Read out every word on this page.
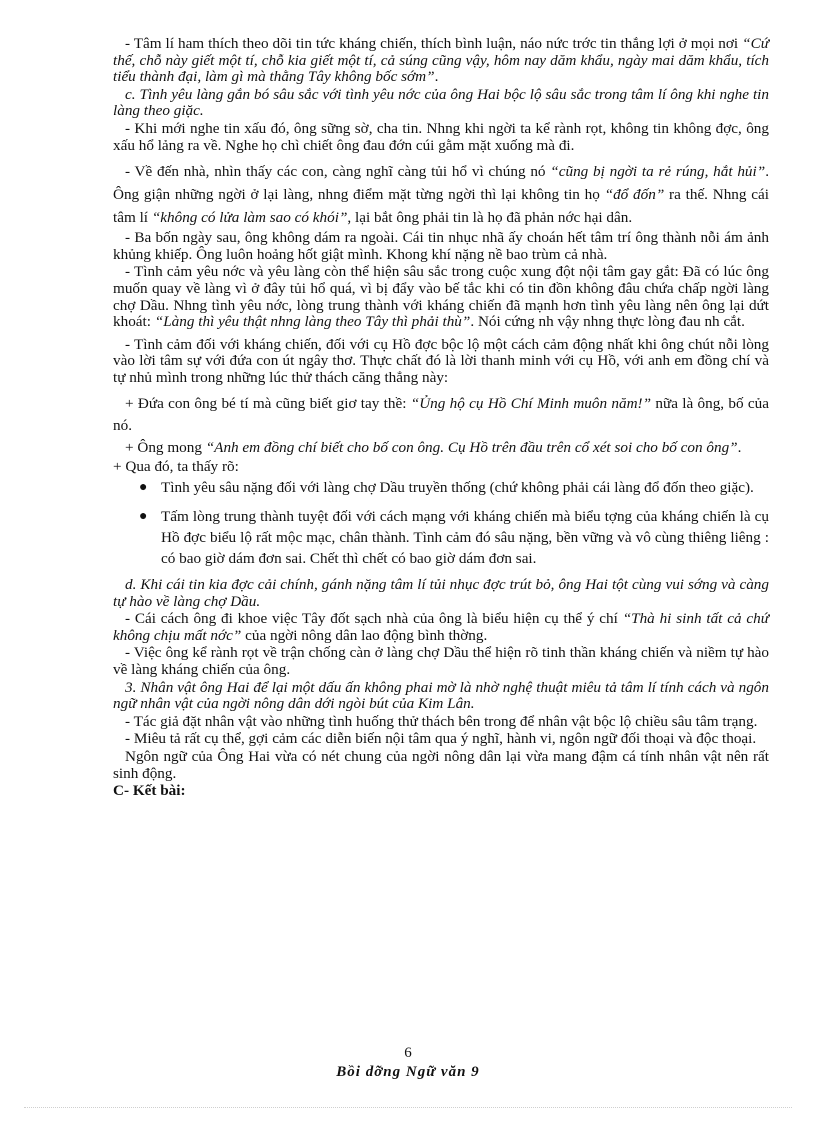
- Tâm lí ham thích theo dõi tin tức kháng chiến, thích bình luận, náo nức trớc tin thắng lợi ở mọi nơi “Cứ thế, chỗ này giết một tí, chỗ kia giết một tí, cả súng cũng vậy, hôm nay dăm khẩu, ngày mai dăm khẩu, tích tiểu thành đại, làm gì mà thằng Tây không bốc sớm”.

c. Tình yêu làng gắn bó sâu sắc với tình yêu nớc của ông Hai bộc lộ sâu sắc trong tâm lí ông khi nghe tin làng theo giặc.

- Khi mới nghe tin xấu đó, ông sững sờ, cha tin. Nhng khi ngời ta kể rành rọt, không tin không đợc, ông xấu hổ lảng ra về. Nghe họ chì chiết ông đau đớn cúi gằm mặt xuống mà đi.

- Về đến nhà, nhìn thấy các con, càng nghĩ càng tủi hổ vì chúng nó “cũng bị ngời ta rẻ rúng, hắt hủi”. Ông giận những ngời ở lại làng, nhng điểm mặt từng ngời thì lại không tin họ “đổ đốn” ra thế. Nhng cái tâm lí “không có lửa làm sao có khói”, lại bắt ông phải tin là họ đã phản nớc hại dân.

- Ba bốn ngày sau, ông không dám ra ngoài. Cái tin nhục nhã ấy choán hết tâm trí ông thành nỗi ám ảnh khủng khiếp. Ông luôn hoảng hốt giật mình. Khong khí nặng nề bao trùm cả nhà.

- Tình cảm yêu nớc và yêu làng còn thể hiện sâu sắc trong cuộc xung đột nội tâm gay gắt: Đã có lúc ông muốn quay về làng vì ở đây tủi hổ quá, vì bị đẩy vào bế tắc khi có tin đồn không đâu chứa chấp ngời làng chợ Dầu. Nhng tình yêu nớc, lòng trung thành với kháng chiến đã mạnh hơn tình yêu làng nên ông lại dứt khoát: “Làng thì yêu thật nhng làng theo Tây thì phải thù”. Nói cứng nh vậy nhng thực lòng đau nh cắt.

- Tình cảm đối với kháng chiến, đối với cụ Hồ đợc bộc lộ một cách cảm động nhất khi ông chút nỗi lòng vào lời tâm sự với đứa con út ngây thơ. Thực chất đó là lời thanh minh với cụ Hồ, với anh em đồng chí và tự nhủ mình trong những lúc thử thách căng thẳng này:

+ Đứa con ông bé tí mà cũng biết giơ tay thề: “Ủng hộ cụ Hồ Chí Minh muôn năm!” nữa là ông, bố của nó.

+ Ông mong “Anh em đồng chí biết cho bố con ông. Cụ Hồ trên đầu trên cổ xét soi cho bố con ông”.

+ Qua đó, ta thấy rõ:

● Tình yêu sâu nặng đối với làng chợ Dầu truyền thống (chứ không phải cái làng đổ đốn theo giặc).
● Tấm lòng trung thành tuyệt đối với cách mạng với kháng chiến mà biểu tợng của kháng chiến là cụ Hồ đợc biểu lộ rất mộc mạc, chân thành. Tình cảm đó sâu nặng, bền vững và vô cùng thiêng liêng : có bao giờ dám đơn sai. Chết thì chết có bao giờ dám đơn sai.

d. Khi cái tin kia đợc cải chính, gánh nặng tâm lí tủi nhục đợc trút bỏ, ông Hai tột cùng vui sớng và càng tự hào về làng chợ Dầu.

- Cái cách ông đi khoe việc Tây đốt sạch nhà của ông là biểu hiện cụ thể ý chí “Thà hi sinh tất cả chứ không chịu mất nớc” của ngời nông dân lao động bình thờng.

- Việc ông kể rành rọt về trận chống càn ở làng chợ Dầu thể hiện rõ tinh thần kháng chiến và niềm tự hào về làng kháng chiến của ông.

3. Nhân vật ông Hai để lại một dấu ấn không phai mờ là nhờ nghệ thuật miêu tả tâm lí tính cách và ngôn ngữ nhân vật của ngời nông dân dới ngòi bút của Kim Lân.

- Tác giả đặt nhân vật vào những tình huống thử thách bên trong để nhân vật bộc lộ chiều sâu tâm trạng.

- Miêu tả rất cụ thể, gợi cảm các diễn biến nội tâm qua ý nghĩ, hành vi, ngôn ngữ đối thoại và độc thoại.

Ngôn ngữ của Ông Hai vừa có nét chung của ngời nông dân lại vừa mang đậm cá tính nhân vật nên rất sinh động.

C- Kết bài:

6
Bồi dỡng Ngữ văn 9
